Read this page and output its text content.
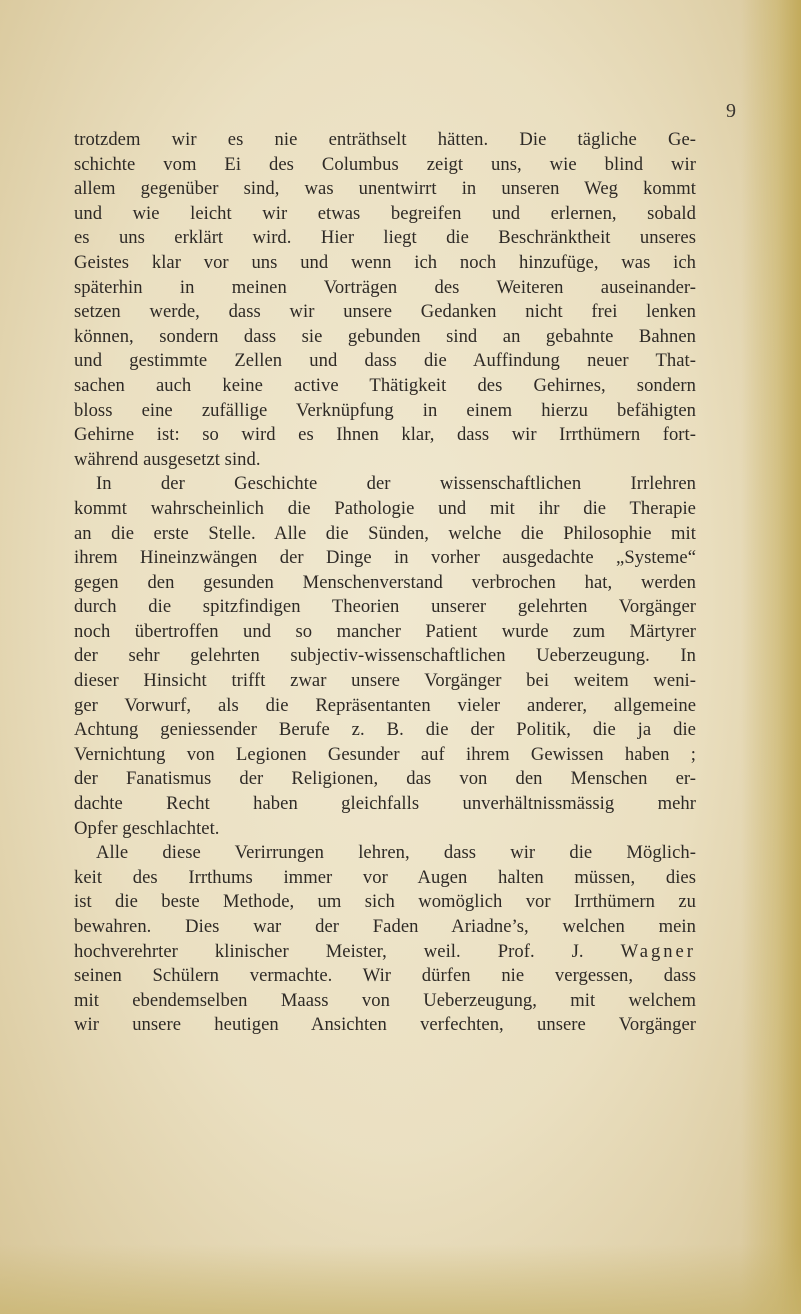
9
trotzdem wir es nie enträthselt hätten. Die tägliche Ge-
schichte vom Ei des Columbus zeigt uns, wie blind wir
allem gegenüber sind, was unentwirrt in unseren Weg kommt
und wie leicht wir etwas begreifen und erlernen, sobald
es uns erklärt wird. Hier liegt die Beschränktheit unseres
Geistes klar vor uns und wenn ich noch hinzufüge, was ich
späterhin in meinen Vorträgen des Weiteren auseinander-
setzen werde, dass wir unsere Gedanken nicht frei lenken
können, sondern dass sie gebunden sind an gebahnte Bahnen
und gestimmte Zellen und dass die Auffindung neuer That-
sachen auch keine active Thätigkeit des Gehirnes, sondern
bloss eine zufällige Verknüpfung in einem hierzu befähigten
Gehirne ist: so wird es Ihnen klar, dass wir Irrthümern fort-
während ausgesetzt sind.
In der Geschichte der wissenschaftlichen Irrlehren
kommt wahrscheinlich die Pathologie und mit ihr die Therapie
an die erste Stelle. Alle die Sünden, welche die Philosophie mit
ihrem Hineinzwängen der Dinge in vorher ausgedachte „Systeme“
gegen den gesunden Menschenverstand verbrochen hat, werden
durch die spitzfindigen Theorien unserer gelehrten Vorgänger
noch übertroffen und so mancher Patient wurde zum Märtyrer
der sehr gelehrten subjectiv-wissenschaftlichen Ueberzeugung. In
dieser Hinsicht trifft zwar unsere Vorgänger bei weitem weni-
ger Vorwurf, als die Repräsentanten vieler anderer, allgemeine
Achtung geniessender Berufe z. B. die der Politik, die ja die
Vernichtung von Legionen Gesunder auf ihrem Gewissen haben ;
der Fanatismus der Religionen, das von den Menschen er-
dachte Recht haben gleichfalls unverhältnissmässig mehr
Opfer geschlachtet.
Alle diese Verirrungen lehren, dass wir die Möglich-
keit des Irrthums immer vor Augen halten müssen, dies
ist die beste Methode, um sich womöglich vor Irrthümern zu
bewahren. Dies war der Faden Ariadne’s, welchen mein
hochverehrter klinischer Meister, weil. Prof. J. Wagner
seinen Schülern vermachte. Wir dürfen nie vergessen, dass
mit ebendemselben Maass von Ueberzeugung, mit welchem
wir unsere heutigen Ansichten verfechten, unsere Vorgänger
